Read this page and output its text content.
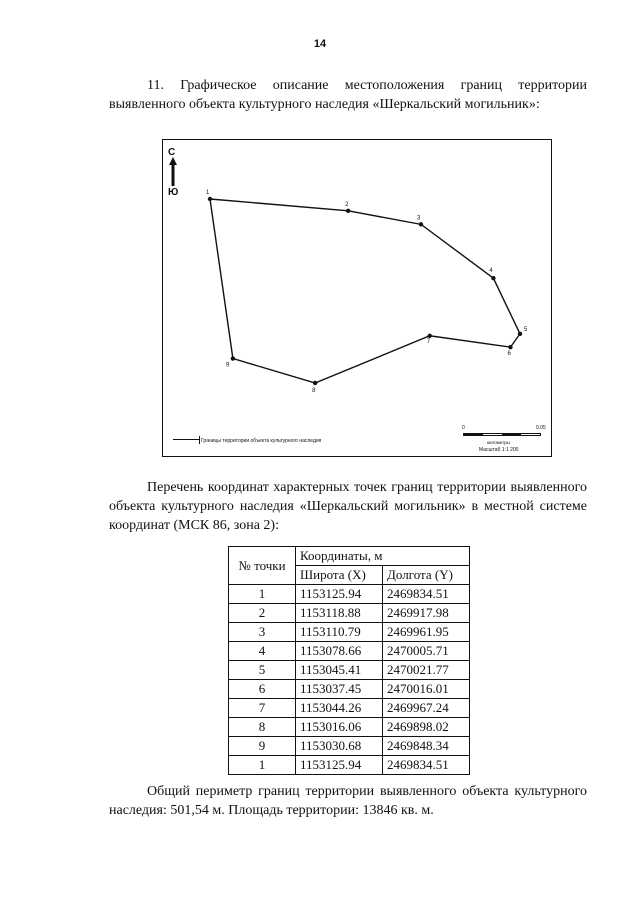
14

11. Графическое описание местоположения границ территории выявленного объекта культурного наследия «Шеркальский могильник»:

1
2
3
4
5
6
7
8
9
С
Ю
Границы территории объекта культурного наследия
0	0.05
километры
Масштаб 1:1 200

Перечень координат характерных точек границ территории выявленного объекта культурного наследия «Шеркальский могильник» в местной системе координат (МСК 86, зона 2):

№ точки	Координаты, м	
	Широта (X)	Долгота (Y)
1	1153125.94	2469834.51
2	1153118.88	2469917.98
3	1153110.79	2469961.95
4	1153078.66	2470005.71
5	1153045.41	2470021.77
6	1153037.45	2470016.01
7	1153044.26	2469967.24
8	1153016.06	2469898.02
9	1153030.68	2469848.34
1	1153125.94	2469834.51

Общий периметр границ территории выявленного объекта культурного наследия: 501,54 м. Площадь территории: 13846 кв. м.
